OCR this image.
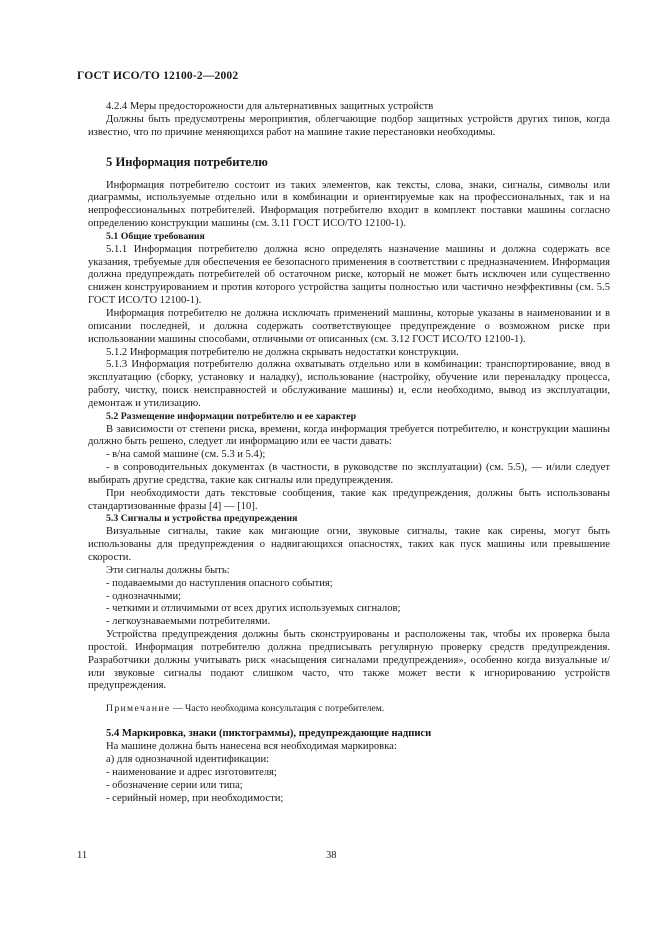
ГОСТ ИСО/ТО 12100-2—2002

4.2.4 Меры предосторожности для альтернативных защитных устройств

Должны быть предусмотрены мероприятия, облегчающие подбор защитных устройств других типов, когда известно, что по причине меняющихся работ на машине такие перестановки необходимы.

5 Информация потребителю

Информация потребителю состоит из таких элементов, как тексты, слова, знаки, сигналы, символы или диаграммы, используемые отдельно или в комбинации и ориентируемые как на профессиональных, так и на непрофессиональных потребителей. Информация потребителю входит в комплект поставки машины согласно определению конструкции машины (см. 3.11 ГОСТ ИСО/ТО 12100-1).

5.1 Общие требования

5.1.1 Информация потребителю должна ясно определять назначение машины и должна содержать все указания, требуемые для обеспечения ее безопасного применения в соответствии с предназначением. Информация должна предупреждать потребителей об остаточном риске, который не может быть исключен или существенно снижен конструированием и против которого устройства защиты полностью или частично неэффективны (см. 5.5 ГОСТ ИСО/ТО 12100-1).

Информация потребителю не должна исключать применений машины, которые указаны в наименовании и в описании последней, и должна содержать соответствующее предупреждение о возможном риске при использовании машины способами, отличными от описанных (см. 3.12 ГОСТ ИСО/ТО 12100-1).

5.1.2 Информация потребителю не должна скрывать недостатки конструкции.

5.1.3 Информация потребителю должна охватывать отдельно или в комбинации: транспортирование, ввод в эксплуатацию (сборку, установку и наладку), использование (настройку, обучение или переналадку процесса, работу, чистку, поиск неисправностей и обслуживание машины) и, если необходимо, вывод из эксплуатации, демонтаж и утилизацию.

5.2 Размещение информации потребителю и ее характер

В зависимости от степени риска, времени, когда информация требуется потребителю, и конструкции машины должно быть решено, следует ли информацию или ее части давать:

- в/на самой машине (см. 5.3 и 5.4);

- в сопроводительных документах (в частности, в руководстве по эксплуатации) (см. 5.5), — и/или следует выбирать другие средства, такие как сигналы или предупреждения.

При необходимости дать текстовые сообщения, такие как предупреждения, должны быть использованы стандартизованные фразы [4] — [10].

5.3 Сигналы и устройства предупреждения

Визуальные сигналы, такие как мигающие огни, звуковые сигналы, такие как сирены, могут быть использованы для предупреждения о надвигающихся опасностях, таких как пуск машины или превышение скорости.

Эти сигналы должны быть:

- подаваемыми до наступления опасного события;

- однозначными;

- четкими и отличимыми от всех других используемых сигналов;

- легкоузнаваемыми потребителями.

Устройства предупреждения должны быть сконструированы и расположены так, чтобы их проверка была простой. Информация потребителю должна предписывать регулярную проверку средств предупреждения. Разработчики должны учитывать риск «насыщения сигналами предупреждения», особенно когда визуальные и/или звуковые сигналы подают слишком часто, что также может вести к игнорированию устройств предупреждения.

Примечание — Часто необходима консультация с потребителем.
5.4 Маркировка, знаки (пиктограммы), предупреждающие надписи

На машине должна быть нанесена вся необходимая маркировка:

а) для однозначной идентификации:

- наименование и адрес изготовителя;

- обозначение серии или типа;

- серийный номер, при необходимости;

11	38
